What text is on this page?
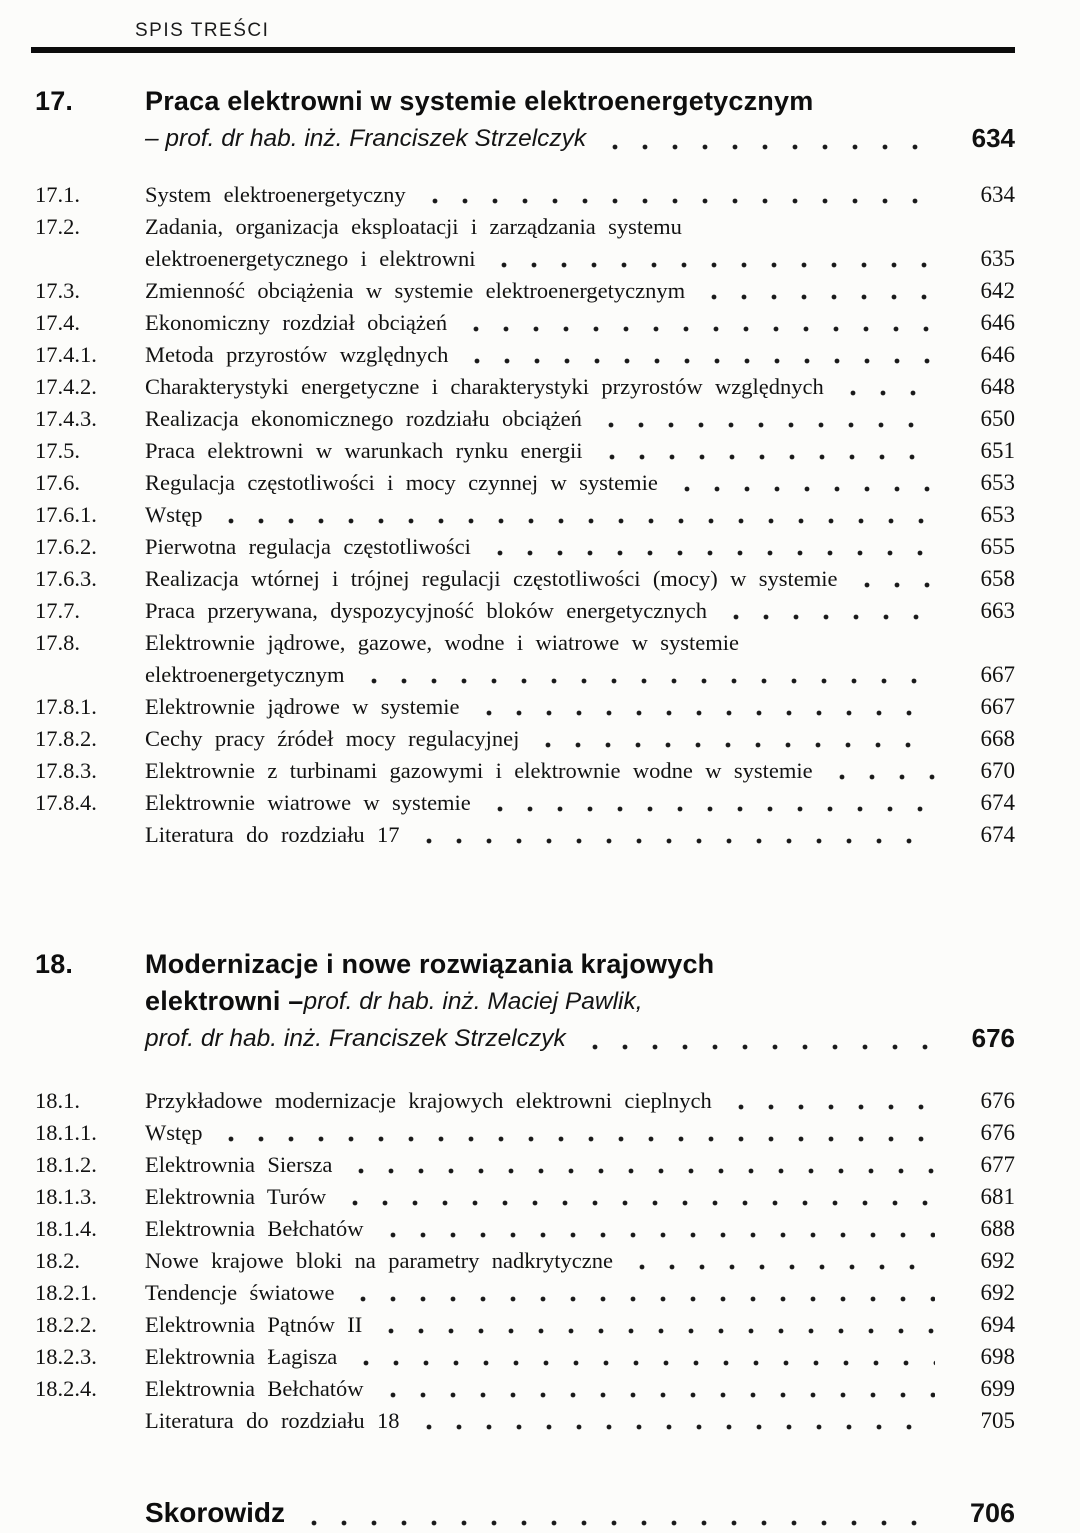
SPIS TREŚCI
17.	Praca elektrowni w systemie elektroenergetycznym
– prof. dr hab. inż. Franciszek Strzelczyk	634
17.1.	System elektroenergetyczny	634
17.2.	Zadania, organizacja eksploatacji i zarządzania systemu
elektroenergetycznego i elektrowni	635
17.3.	Zmienność obciążenia w systemie elektroenergetycznym	642
17.4.	Ekonomiczny rozdział obciążeń	646
17.4.1.	Metoda przyrostów względnych	646
17.4.2.	Charakterystyki energetyczne i charakterystyki przyrostów względnych	648
17.4.3.	Realizacja ekonomicznego rozdziału obciążeń	650
17.5.	Praca elektrowni w warunkach rynku energii	651
17.6.	Regulacja częstotliwości i mocy czynnej w systemie	653
17.6.1.	Wstęp	653
17.6.2.	Pierwotna regulacja częstotliwości	655
17.6.3.	Realizacja wtórnej i trójnej regulacji częstotliwości (mocy) w systemie	658
17.7.	Praca przerywana, dyspozycyjność bloków energetycznych	663
17.8.	Elektrownie jądrowe, gazowe, wodne i wiatrowe w systemie
elektroenergetycznym	667
17.8.1.	Elektrownie jądrowe w systemie	667
17.8.2.	Cechy pracy źródeł mocy regulacyjnej	668
17.8.3.	Elektrownie z turbinami gazowymi i elektrownie wodne w systemie	670
17.8.4.	Elektrownie wiatrowe w systemie	674
Literatura do rozdziału 17	674
18.	Modernizacje i nowe rozwiązania krajowych
elektrowni – prof. dr hab. inż. Maciej Pawlik,
prof. dr hab. inż. Franciszek Strzelczyk	676
18.1.	Przykładowe modernizacje krajowych elektrowni cieplnych	676
18.1.1.	Wstęp	676
18.1.2.	Elektrownia Siersza	677
18.1.3.	Elektrownia Turów	681
18.1.4.	Elektrownia Bełchatów	688
18.2.	Nowe krajowe bloki na parametry nadkrytyczne	692
18.2.1.	Tendencje światowe	692
18.2.2.	Elektrownia Pątnów II	694
18.2.3.	Elektrownia Łagisza	698
18.2.4.	Elektrownia Bełchatów	699
Literatura do rozdziału 18	705
Skorowidz	706
